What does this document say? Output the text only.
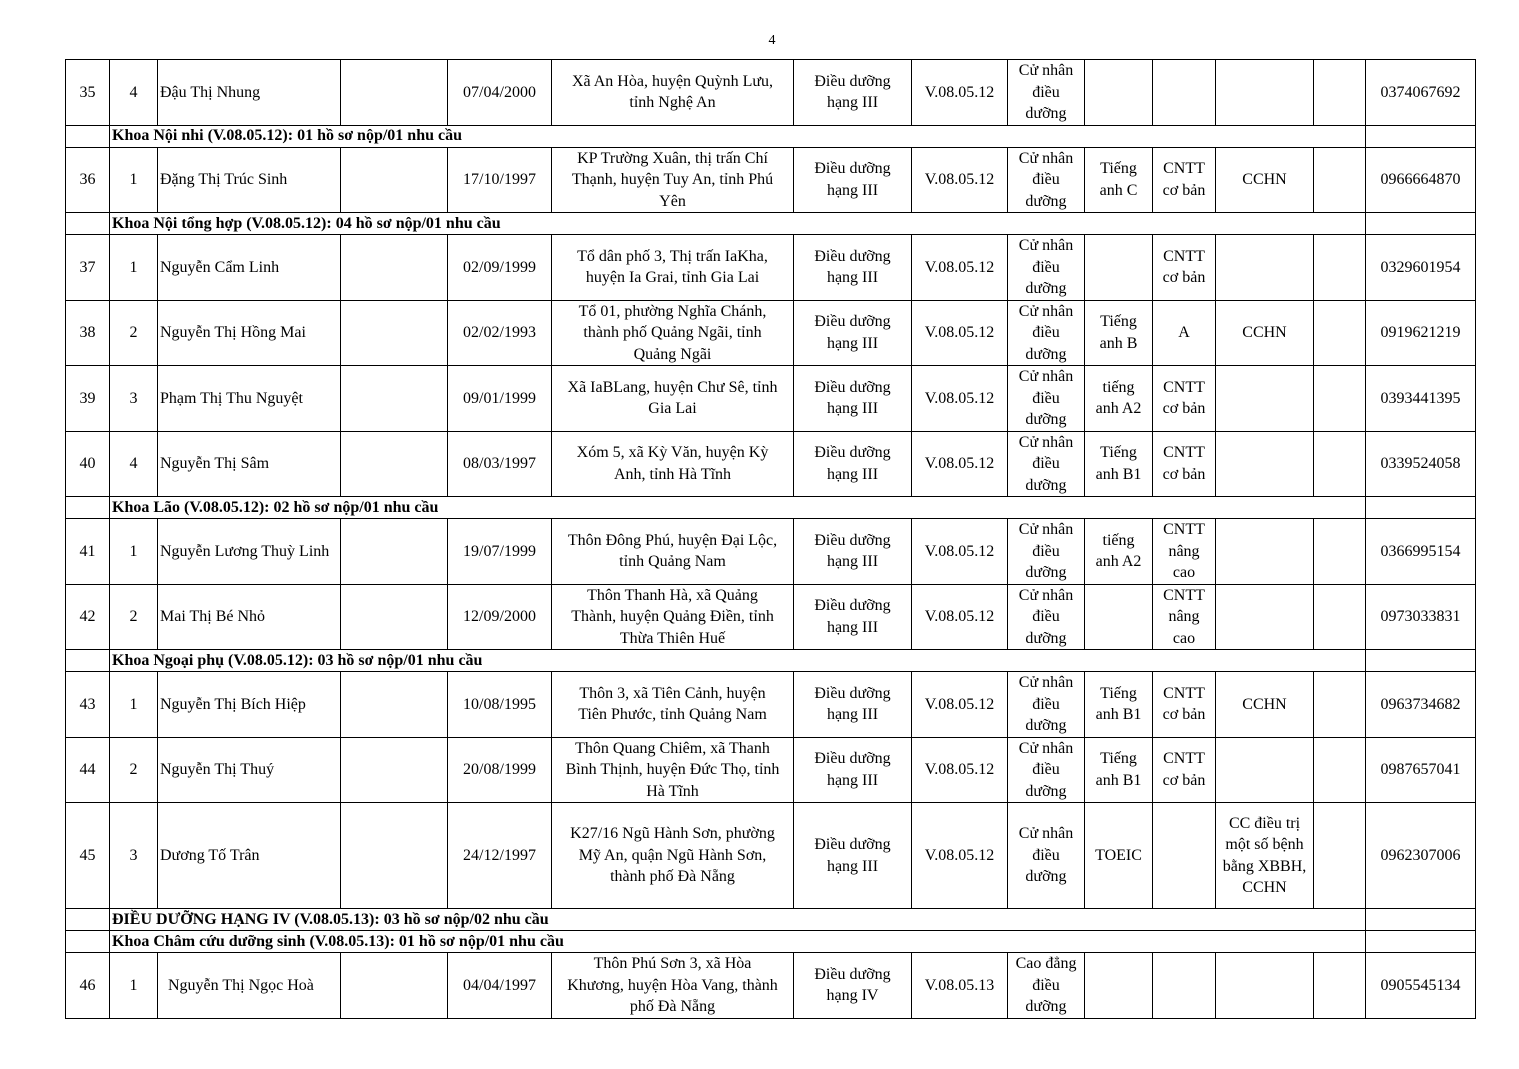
4
35	4	Đậu Thị Nhung		07/04/2000	Xã An Hòa, huyện Quỳnh Lưu,
tỉnh Nghệ An	Điều dưỡng
hạng III	V.08.05.12	Cử nhân
điều
dưỡng					0374067692
	Khoa Nội nhi (V.08.05.12): 01 hồ sơ nộp/01 nhu cầu												
36	1	Đặng Thị Trúc Sinh		17/10/1997	KP Trường Xuân, thị trấn Chí
Thạnh, huyện Tuy An, tỉnh Phú
Yên	Điều dưỡng
hạng III	V.08.05.12	Cử nhân
điều
dưỡng	Tiếng
anh C	CNTT
cơ bản	CCHN		0966664870
	Khoa Nội tổng hợp (V.08.05.12): 04 hồ sơ nộp/01 nhu cầu												
37	1	Nguyễn Cẩm Linh		02/09/1999	Tổ dân phố 3, Thị trấn IaKha,
huyện Ia Grai, tỉnh Gia Lai	Điều dưỡng
hạng III	V.08.05.12	Cử nhân
điều
dưỡng		CNTT
cơ bản			0329601954
38	2	Nguyễn Thị Hồng Mai		02/02/1993	Tổ 01, phường Nghĩa Chánh,
thành phố Quảng Ngãi, tỉnh
Quảng Ngãi	Điều dưỡng
hạng III	V.08.05.12	Cử nhân
điều
dưỡng	Tiếng
anh B	A	CCHN		0919621219
39	3	Phạm Thị Thu Nguyệt		09/01/1999	Xã IaBLang, huyện Chư Sê, tỉnh
Gia Lai	Điều dưỡng
hạng III	V.08.05.12	Cử nhân
điều
dưỡng	tiếng
anh A2	CNTT
cơ bản			0393441395
40	4	Nguyễn Thị Sâm		08/03/1997	Xóm 5, xã Kỳ Văn, huyện Kỳ
Anh, tỉnh Hà Tĩnh	Điều dưỡng
hạng III	V.08.05.12	Cử nhân
điều
dưỡng	Tiếng
anh B1	CNTT
cơ bản			0339524058
	Khoa Lão (V.08.05.12): 02 hồ sơ nộp/01 nhu cầu												
41	1	Nguyễn Lương Thuỳ Linh		19/07/1999	Thôn Đông Phú, huyện Đại Lộc,
tỉnh Quảng Nam	Điều dưỡng
hạng III	V.08.05.12	Cử nhân
điều
dưỡng	tiếng
anh A2	CNTT
nâng
cao			0366995154
42	2	Mai Thị Bé Nhỏ		12/09/2000	Thôn Thanh Hà, xã Quảng
Thành, huyện Quảng Điền, tỉnh
Thừa Thiên Huế	Điều dưỡng
hạng III	V.08.05.12	Cử nhân
điều
dưỡng		CNTT
nâng
cao			0973033831
	Khoa Ngoại phụ (V.08.05.12): 03 hồ sơ nộp/01 nhu cầu												
43	1	Nguyễn Thị Bích Hiệp		10/08/1995	Thôn 3, xã Tiên Cảnh, huyện
Tiên Phước, tỉnh Quảng Nam	Điều dưỡng
hạng III	V.08.05.12	Cử nhân
điều
dưỡng	Tiếng
anh B1	CNTT
cơ bản	CCHN		0963734682
44	2	Nguyễn Thị Thuý		20/08/1999	Thôn Quang Chiêm, xã Thanh
Bình Thịnh, huyện Đức Thọ, tỉnh
Hà Tĩnh	Điều dưỡng
hạng III	V.08.05.12	Cử nhân
điều
dưỡng	Tiếng
anh B1	CNTT
cơ bản			0987657041
45	3	Dương Tố Trân		24/12/1997	K27/16 Ngũ Hành Sơn, phường
Mỹ An, quận Ngũ Hành Sơn,
thành phố Đà Nẵng	Điều dưỡng
hạng III	V.08.05.12	Cử nhân
điều
dưỡng	TOEIC		CC điều trị
một số bệnh
bằng XBBH,
CCHN		0962307006
	ĐIỀU DƯỠNG HẠNG IV (V.08.05.13): 03 hồ sơ nộp/02 nhu cầu												
	Khoa Châm cứu dưỡng sinh (V.08.05.13): 01 hồ sơ nộp/01 nhu cầu												
46	1	Nguyễn Thị Ngọc Hoà		04/04/1997	Thôn Phú Sơn 3, xã Hòa
Khương, huyện Hòa Vang, thành
phố Đà Nẵng	Điều dưỡng
hạng IV	V.08.05.13	Cao đẳng
điều
dưỡng					0905545134
